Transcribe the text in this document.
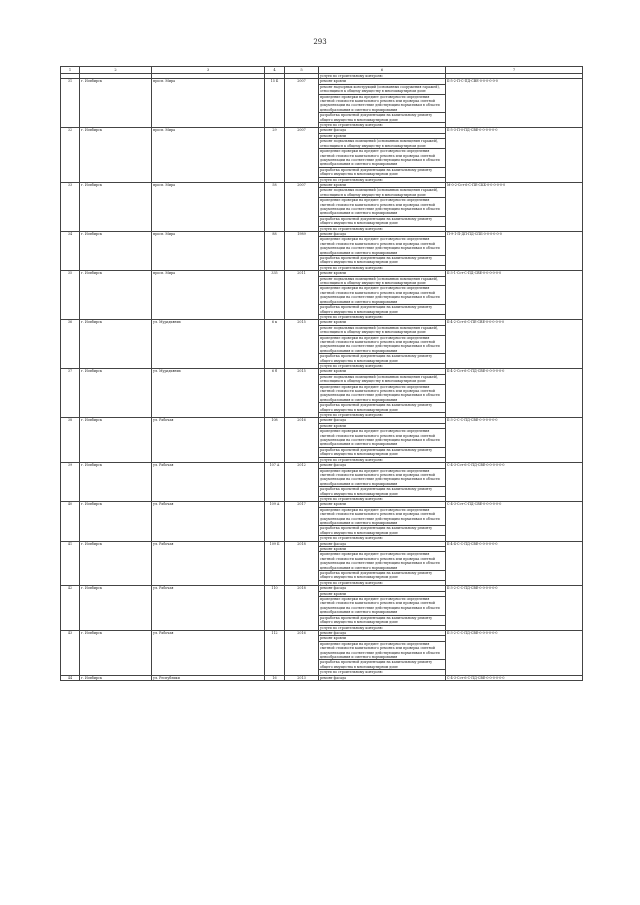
293
1	2	3	4	5	6	7
					услуги по строительному контролю	
31	г. Исибирск	просп. Мира	15 Б	2007	ремонт кровли	Б-5-2-П-С-ПД-СВЕ-0-0-0-0-0-0
					ремонт надзорных конструкций (основанных сооружения гаражей), относящихся к общему имуществу в многоквартирном доме	
					проведение проверки на предмет достоверности определения сметной стоимости капитального ремонта или проверка сметной документации на соответствие действующим нормативам в области ценообразования и сметного нормирования	
					разработка проектной документации на капитальному ремонту общего имущества в многоквартирном доме	
					услуги по строительному контролю	
32	г. Исибирск	просп. Мира	29	2007	ремонт фасада	Б-5-3-П-0-ПД-СВЕ-0-0-0-0-0-0
					ремонт кровли	
					ремонт подвальных помещений (основанных помещения гаражей), относящихся к общему имуществу в многоквартирном доме	
					проведение проверки на предмет достоверности определения сметной стоимости капитального ремонта или проверка сметной документации на соответствие действующим нормативам в области ценообразования и сметного нормирования	
					разработка проектной документации на капитальному ремонту общего имущества в многоквартирном доме	
					услуги по строительному контролю	
33	г. Исибирск	просп. Мира	58	2007	ремонт кровли	М-0-2-Сст-6-С-ПЕ-СКБ-0-0-0-0-0-0
					ремонт подвальных помещений (основанных помещения гаражей), относящихся к общему имуществу в многоквартирном доме	
					проведение проверки на предмет достоверности определения сметной стоимости капитального ремонта или проверка сметной документации на соответствие действующим нормативам в области ценообразования и сметного нормирования	
					разработка проектной документации на капитальному ремонту общего имущества в многоквартирном доме	
					услуги по строительному контролю	
34	г. Исибирск	просп. Мира	88	1989	ремонт фасада	П-9-1-П-ДП-ПД-СПБ-0-0-0-0-0-0
					проведение проверки на предмет достоверности определения сметной стоимости капитального ремонта или проверка сметной документации на соответствие действующим нормативам в области ценообразования и сметного нормирования	
					разработка проектной документации на капитальному ремонту общего имущества в многоквартирном доме	
					услуги по строительному контролю	
35	г. Исибирск	просп. Мира	335	2011	ремонт кровли	Б-3-1-Сст-С-ПД-СВЕ-0-0-0-0-0-0
					ремонт подвальных помещений (основанных помещения гаражей), относящихся к общему имуществу в многоквартирном доме	
					проведение проверки на предмет достоверности определения сметной стоимости капитального ремонта или проверка сметной документации на соответствие действующим нормативам в области ценообразования и сметного нормирования	
					разработка проектной документации на капитальному ремонту общего имущества в многоквартирном доме	
					услуги по строительному контролю	
36	г. Исибирск	ул. Мурадьяних	6 к	2015	ремонт кровли	Б-4-2-Сст-6-С-ПЕ-СВЕ-0-0-0-0-0-0
					ремонт подвальных помещений (основанных помещения гаражей), относящихся к общему имуществу в многоквартирном доме	
					проведение проверки на предмет достоверности определения сметной стоимости капитального ремонта или проверка сметной документации на соответствие действующим нормативам в области ценообразования и сметного нормирования	
					разработка проектной документации на капитальному ремонту общего имущества в многоквартирном доме	
					услуги по строительному контролю	
37	г. Исибирск	ул. Мурадьяних	6 б	2015	ремонт кровли	Б-4-2-Сст-6-С-ПД-СВЕ-0-0-0-0-0-0
					ремонт подвальных помещений (основанных помещения гаражей), относящихся к общему имуществу в многоквартирном доме	
					проведение проверки на предмет достоверности определения сметной стоимости капитального ремонта или проверка сметной документации на соответствие действующим нормативам в области ценообразования и сметного нормирования	
					разработка проектной документации на капитальному ремонту общего имущества в многоквартирном доме	
					услуги по строительному контролю	
38	г. Исибирск	ул. Рабочая	108	2016	ремонт фасада	Б-3-2-С-С-ПД-СВЕ-0-0-0-0-0-0
					ремонт кровли	
					проведение проверки на предмет достоверности определения сметной стоимости капитального ремонта или проверка сметной документации на соответствие действующим нормативам в области ценообразования и сметного нормирования	
					разработка проектной документации на капитальному ремонту общего имущества в многоквартирном доме	
					услуги по строительному контролю	
39	г. Исибирск	ул. Рабочая	107 А	2012	ремонт фасада	С-4-3-Сст-6-С-ПД-СВЕ-0-0-0-0-0-0
					проведение проверки на предмет достоверности определения сметной стоимости капитального ремонта или проверка сметной документации на соответствие действующим нормативам в области ценообразования и сметного нормирования	
					разработка проектной документации на капитальному ремонту общего имущества в многоквартирном доме	
					услуги по строительному контролю	
40	г. Исибирск	ул. Рабочая	109 А	2017	ремонт кровли	С-4-3-Сст-С-ПД-СВЕ-0-0-0-0-0-0
					проведение проверки на предмет достоверности определения сметной стоимости капитального ремонта или проверка сметной документации на соответствие действующим нормативам в области ценообразования и сметного нормирования	
					разработка проектной документации на капитальному ремонту общего имущества в многоквартирном доме	
					услуги по строительному контролю	
41	г. Исибирск	ул. Рабочая	109 Б	2018	ремонт фасада	Б-4-4-С-С-ПД-СВЕ-0-0-0-0-0-0
					ремонт кровли	
					проведение проверки на предмет достоверности определения сметной стоимости капитального ремонта или проверка сметной документации на соответствие действующим нормативам в области ценообразования и сметного нормирования	
					разработка проектной документации на капитальному ремонту общего имущества в многоквартирном доме	
					услуги по строительному контролю	
42	г. Исибирск	ул. Рабочая	110	2018	ремонт фасада	Б-3-2-С-С-ПД-СВЕ-0-0-0-0-0-0
					ремонт кровли	
					проведение проверки на предмет достоверности определения сметной стоимости капитального ремонта или проверка сметной документации на соответствие действующим нормативам в области ценообразования и сметного нормирования	
					разработка проектной документации на капитальному ремонту общего имущества в многоквартирном доме	
					услуги по строительному контролю	
43	г. Исибирск	ул. Рабочая	112	2016	ремонт фасада	Б-3-2-С-С-ПД-СВЕ-0-0-0-0-0-0
					ремонт кровли	
					проведение проверки на предмет достоверности определения сметной стоимости капитального ремонта или проверка сметной документации на соответствие действующим нормативам в области ценообразования и сметного нормирования	
					разработка проектной документации на капитальному ремонту общего имущества в многоквартирном доме	
					услуги по строительному контролю	
44	г. Исибирск	ул. Республики	16	2013	ремонт фасада	С-4-3-Сст-6-С-ПД-СВЕ-0-0-0-0-0-0
